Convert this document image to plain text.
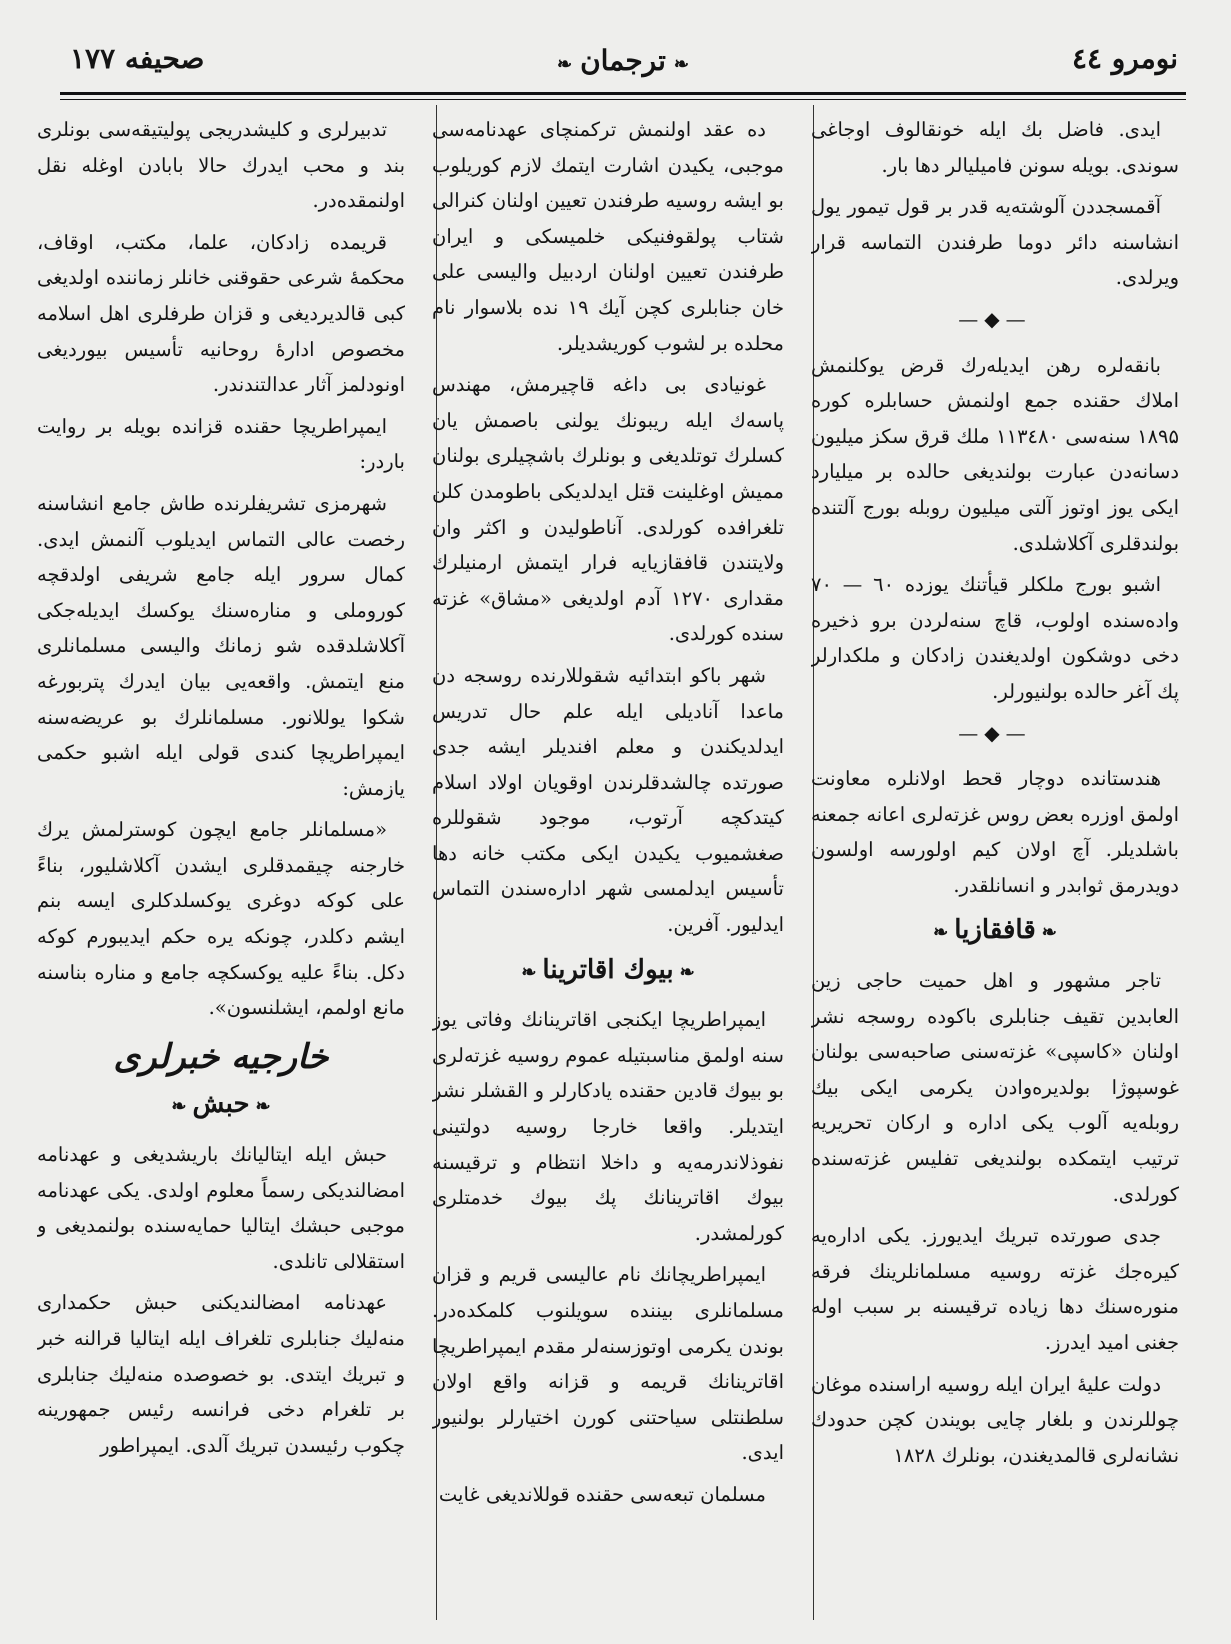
نومرو ٤٤
❧ترجمان❧
صحيفه ۱۷۷

ايدى. فاضل بك ايله خونقالوف اوجاغى سوندى. بويله سونن فاميليالر دها بار.

آقمسجددن آلوشته‌يه قدر بر قول تيمور يول انشاسنه دائر دوما طرفندن التماسه قرار ويرلدى.

—◆—

بانقه‌لره رهن ايديله‌رك قرض يوكلنمش املاك حقنده جمع اولنمش حسابلره كوره ۱۸۹۵ سنه‌سى ۱۱۳٤۸۰ ملك قرق سكز ميليون دسانه‌دن عبارت بولنديغى حالده بر ميليارد ايكى يوز اوتوز آلتى ميليون روبله بورج آلتنده بولندقلرى آكلاشلدى.

اشبو بورج ملكلر قيأتنك يوزده ٦۰ — ۷۰ واده‌سنده اولوب، قاچ سنه‌لردن برو ذخيره دخى دوشكون اولديغندن زادكان و ملكدارلر پك آغر حالده بولنيورلر.

—◆—

هندستانده دوچار قحط اولانلره معاونت اولمق اوزره بعض روس غزته‌لرى اعانه جمعنه باشلديلر. آچ اولان كيم اولورسه اولسون دويدرمق ثوابدر و انسانلقدر.

❧قافقازيا❧

تاجر مشهور و اهل حميت حاجى زين العابدين تقيف جنابلرى باكوده روسجه نشر اولنان «كاسپى» غزته‌سنى صاحبه‌سى بولنان غوسپوژا بولديره‌وادن يكرمى ايكى بيك روبله‌يه آلوب يكى اداره و اركان تحريريه ترتيب ايتمكده بولنديغى تفليس غزته‌سنده كورلدى.

جدى صورتده تبريك ايديورز. يكى اداره‌يه كيره‌جك غزته روسيه مسلمانلرينك فرقه‌ منوره‌سنك دها زياده ترقيسنه بر سبب اوله جغنى اميد ايدرز.

دولت عليهٔ ايران ايله روسيه اراسنده موغان چوللرندن و بلغار چايى بويندن كچن حدودك نشانه‌لرى قالمديغندن، بونلرك ۱۸۲۸

ده عقد اولنمش تركمنچاى عهدنامه‌سى موجبى، يكيدن اشارت ايتمك لازم كوريلوب بو ايشه روسيه طرفندن تعيين اولنان كنرالى شتاب پولقوفنيكى خلميسكى و ايران طرفندن تعيين اولنان اردبيل واليسى على خان جنابلرى كچن آيك ۱۹ نده بلاسوار نام محلده بر لشوب كوريشديلر.

غونيادى بى داغه قاچيرمش، مهندس پاسه‌ك ايله ريبونك يولنى باصمش يان كسلرك توتلديغى و بونلرك باشچيلرى بولنان مميش اوغلينت قتل ايدلديكى باطومدن كلن تلغرافده كورلدى. آناطوليدن و اكثر وان ولايتندن قافقازيايه فرار ايتمش ارمنيلرك مقدارى ۱۲۷۰ آدم اولديغى «مشاق» غزته سنده كورلدى.

شهر باكو ابتدائيه شقوللارنده روسجه دن ماعدا آناديلى ايله علم حال تدريس ايدلديكندن و معلم افنديلر ايشه جدى صورتده چالشدقلرندن اوقويان اولاد اسلام كيتدكچه آرتوب، موجود شقوللره صغشميوب يكيدن ايكى مكتب خانه دها تأسيس ايدلمسى شهر اداره‌سندن التماس ايدليور. آفرين.

❧بيوك اقاترينا❧

ايمپراطريچا ايكنجى اقاترينانك وفاتى يوز سنه اولمق مناسبتيله عموم روسيه غزته‌لرى بو بيوك قادين حقنده يادكارلر و القشلر نشر ايتديلر. واقعا خارجا روسيه دولتينى نفوذلاندرمه‌يه و داخلا انتظام و ترقيسنه بيوك اقاترينانك پك بيوك خدمتلرى كورلمشدر.

ايمپراطريچانك نام عاليسى قريم و قزان مسلمانلرى بيننده سويلنوب كلمكده‌در. بوندن يكرمى اوتوزسنه‌لر مقدم ايمپراطريچا اقاترينانك قريمه و قزانه واقع اولان سلطنتلى سياحتنى كورن اختيارلر بولنيور ايدى.

مسلمان تبعه‌سى حقنده قوللانديغى غايت

تدبيرلرى و كليشدريجى پوليتيقه‌سى بونلرى بند و محب ايدرك حالا باباد‌ن اوغله نقل اولنمقده‌در.

قريمده زادكان، علما، مكتب، اوقاف، محكمهٔ شرعى حقوقنى خانلر زماننده اولديغى كبى قالديرديغى و قزان طرفلرى اهل اسلامه مخصوص ادارهٔ روحانيه تأسيس بيورديغى اونودلمز آثار عدالتندندر.

ايمپراطريچا حقنده قزانده بويله بر روايت باردر:

شهرمزى تشريفلرنده طاش جامع انشاسنه رخصت عالى التماس ايديلوب آلنمش ايدى. كمال سرور ايله جامع شريفى اولدقچه كوروملى و مناره‌سنك يوكسك ايديله‌جكى آكلاشلدقده شو زمانك واليسى مسلمانلرى منع ايتمش. واقعه‌يى بيان ايدرك پتربورغه شكوا يوللانور. مسلمانلرك بو عريضه‌سنه ايمپراطريچا كندى قولى ايله اشبو حكمى يازمش:

«مسلمانلر جامع ايچون كوسترلمش يرك خارجنه چيقمدقلرى ايشدن آكلاشليور، بناءً على كوكه دوغرى يوكسلدكلرى ايسه بنم ايشم دكلدر، چونكه يره حكم ايديبورم كوكه دكل. بناءً عليه يوكسكچه جامع و مناره بناسنه مانع اولمم، ايشلنسون».

خارجيه خبرلرى
❧حبش❧

حبش ايله ايتاليانك باريشديغى و عهدنامه امضالنديكى رسماً معلوم اولدى. يكى عهدنامه موجبى حبشك ايتاليا حمايه‌سنده بولنمديغى و استقلالى تانلدى.

عهدنامه امضالنديكنى حبش حكمدارى منه‌ليك جنابلرى تلغراف ايله ايتاليا قرالنه خبر و تبريك ايتدى. بو خصوصده منه‌ليك جنابلرى بر تلغرام دخى فرانسه رئيس جمهورينه چكوب رئيسدن تبريك آلدى. ايمپراطور
